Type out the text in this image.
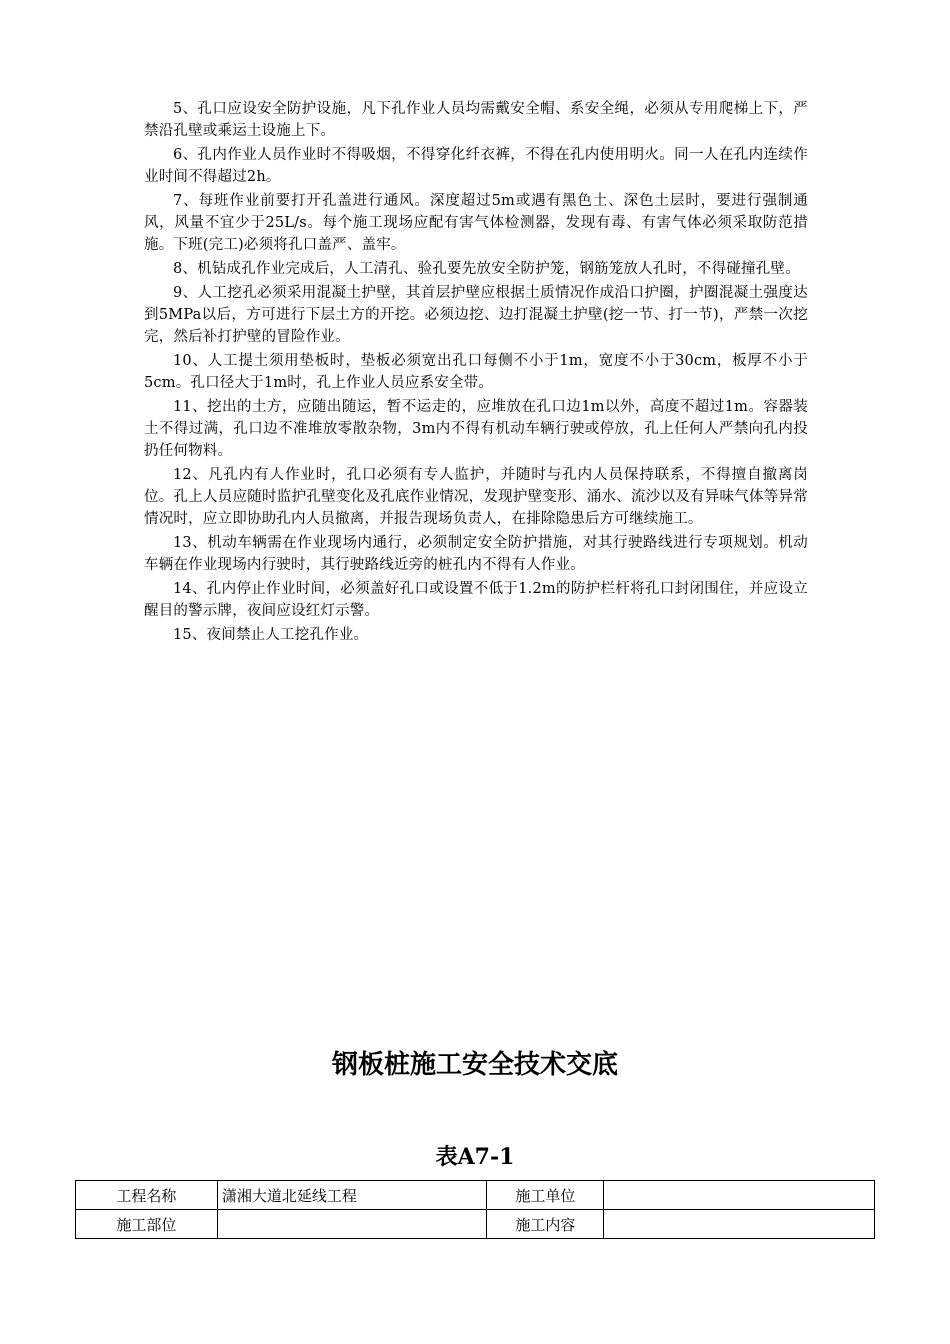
5、孔口应设安全防护设施，凡下孔作业人员均需戴安全帽、系安全绳，必须从专用爬梯上下，严禁沿孔壁或乘运土设施上下。

6、孔内作业人员作业时不得吸烟，不得穿化纤衣裤，不得在孔内使用明火。同一人在孔内连续作业时间不得超过2h。

7、每班作业前要打开孔盖进行通风。深度超过5m或遇有黑色土、深色土层时，要进行强制通风，风量不宜少于25L/s。每个施工现场应配有害气体检测器，发现有毒、有害气体必须采取防范措施。下班(完工)必须将孔口盖严、盖牢。

8、机钻成孔作业完成后，人工清孔、验孔要先放安全防护笼，钢筋笼放人孔时，不得碰撞孔壁。

9、人工挖孔必须采用混凝土护壁，其首层护壁应根据土质情况作成沿口护圈，护圈混凝土强度达到5MPa以后，方可进行下层土方的开挖。必须边挖、边打混凝土护壁(挖一节、打一节)，严禁一次挖完，然后补打护壁的冒险作业。

10、人工提土须用垫板时，垫板必须宽出孔口每侧不小于1m，宽度不小于30cm，板厚不小于5cm。孔口径大于1m时，孔上作业人员应系安全带。

11、挖出的土方，应随出随运，暂不运走的，应堆放在孔口边1m以外，高度不超过1m。容器装土不得过满，孔口边不准堆放零散杂物，3m内不得有机动车辆行驶或停放，孔上任何人严禁向孔内投扔任何物料。

12、凡孔内有人作业时，孔口必须有专人监护，并随时与孔内人员保持联系，不得擅自撤离岗位。孔上人员应随时监护孔壁变化及孔底作业情况，发现护壁变形、涌水、流沙以及有异味气体等异常情况时，应立即协助孔内人员撤离，并报告现场负责人，在排除隐患后方可继续施工。

13、机动车辆需在作业现场内通行，必须制定安全防护措施，对其行驶路线进行专项规划。机动车辆在作业现场内行驶时，其行驶路线近旁的桩孔内不得有人作业。

14、孔内停止作业时间，必须盖好孔口或设置不低于1.2m的防护栏杆将孔口封闭围住，并应设立醒目的警示牌，夜间应设红灯示警。

15、夜间禁止人工挖孔作业。

钢板桩施工安全技术交底
表A7-1
工程名称	潇湘大道北延线工程	施工单位	
施工部位		施工内容	
